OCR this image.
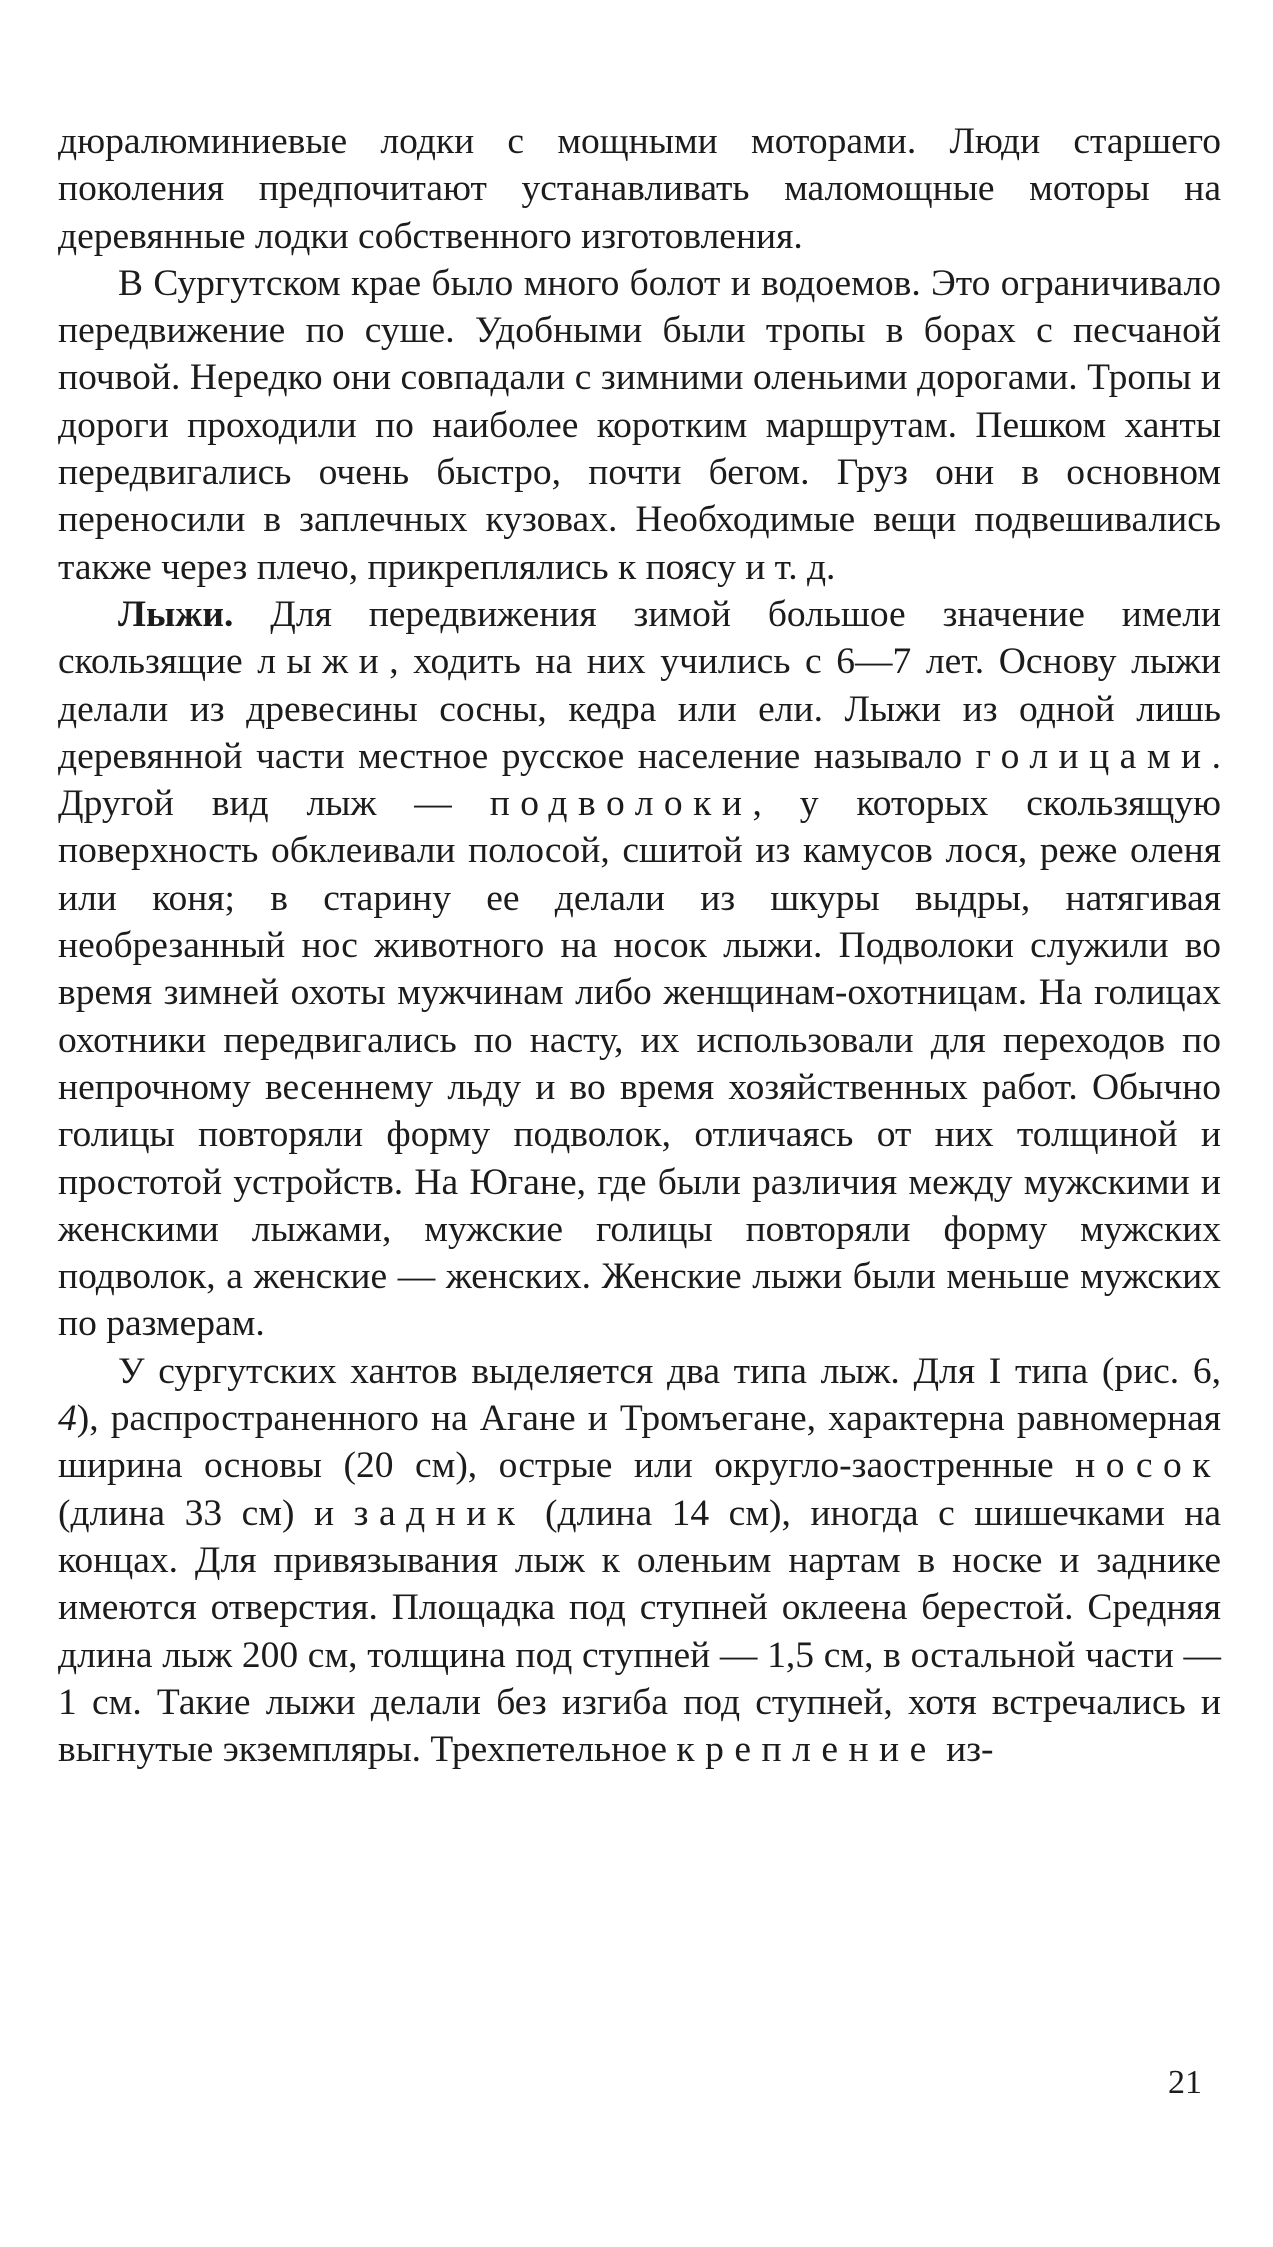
дюралюминиевые лодки с мощными моторами. Люди старшего поколения предпочитают устанавливать маломощные моторы на деревянные лодки собственного изготовления.

В Сургутском крае было много болот и водоемов. Это ограничивало передвижение по суше. Удобными были тропы в борах с песчаной почвой. Нередко они совпадали с зимними оленьими дорогами. Тропы и дороги проходили по наиболее коротким маршрутам. Пешком ханты передвигались очень быстро, почти бегом. Груз они в основном переносили в заплечных кузовах. Необходимые вещи подвешивались также через плечо, прикреплялись к поясу и т. д.

Лыжи. Для передвижения зимой большое значение имели скользящие лыжи, ходить на них учились с 6—7 лет. Основу лыжи делали из древесины сосны, кедра или ели. Лыжи из одной лишь деревянной части местное русское население называло голицами. Другой вид лыж — подволоки, у которых скользящую поверхность обклеивали полосой, сшитой из камусов лося, реже оленя или коня; в старину ее делали из шкуры выдры, натягивая необрезанный нос животного на носок лыжи. Подволоки служили во время зимней охоты мужчинам либо женщинам-охотницам. На голицах охотники передвигались по насту, их использовали для переходов по непрочному весеннему льду и во время хозяйственных работ. Обычно голицы повторяли форму подволок, отличаясь от них толщиной и простотой устройств. На Югане, где были различия между мужскими и женскими лыжами, мужские голицы повторяли форму мужских подволок, а женские — женских. Женские лыжи были меньше мужских по размерам.

У сургутских хантов выделяется два типа лыж. Для I типа (рис. 6, 4), распространенного на Агане и Тромъегане, характерна равномерная ширина основы (20 см), острые или округло-заостренные носок (длина 33 см) и задник (длина 14 см), иногда с шишечками на концах. Для привязывания лыж к оленьим нартам в носке и заднике имеются отверстия. Площадка под ступней оклеена берестой. Средняя длина лыж 200 см, толщина под ступней — 1,5 см, в остальной части — 1 см. Такие лыжи делали без изгиба под ступней, хотя встречались и выгнутые экземпляры. Трехпетельное крепление из-

21
